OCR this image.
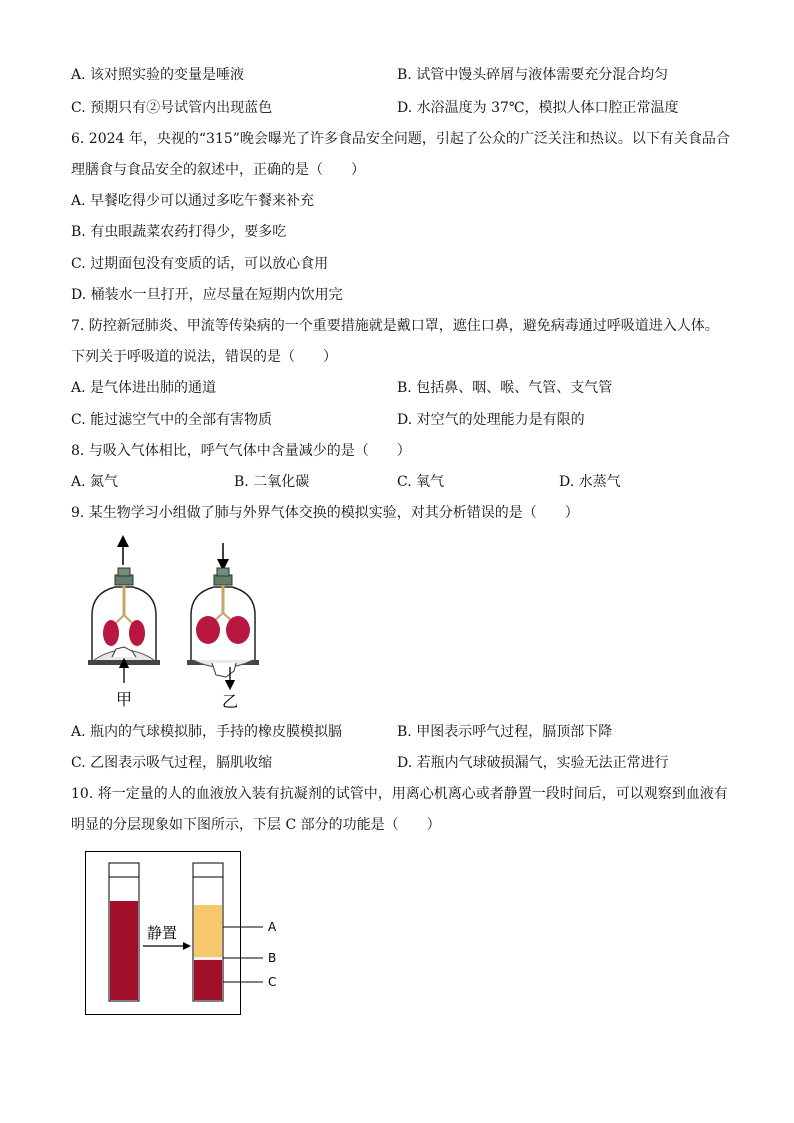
A. 该对照实验的变量是唾液	B. 试管中馒头碎屑与液体需要充分混合均匀
C. 预期只有②号试管内出现蓝色	D. 水浴温度为 37℃，模拟人体口腔正常温度
6. 2024 年，央视的“315”晚会曝光了许多食品安全问题，引起了公众的广泛关注和热议。以下有关食品合
理膳食与食品安全的叙述中，正确的是（　　）
A. 早餐吃得少可以通过多吃午餐来补充
B. 有虫眼蔬菜农药打得少，要多吃
C. 过期面包没有变质的话，可以放心食用
D. 桶装水一旦打开，应尽量在短期内饮用完
7. 防控新冠肺炎、甲流等传染病的一个重要措施就是戴口罩，遮住口鼻，避免病毒通过呼吸道进入人体。
下列关于呼吸道的说法，错误的是（　　）
A. 是气体进出肺的通道	B. 包括鼻、咽、喉、气管、支气管
C. 能过滤空气中的全部有害物质	D. 对空气的处理能力是有限的
8. 与吸入气体相比，呼气气体中含量减少的是（　　）
A. 氮气	B. 二氧化碳	C. 氧气	D. 水蒸气
9. 某生物学习小组做了肺与外界气体交换的模拟实验，对其分析错误的是（　　）
甲	乙
A. 瓶内的气球模拟肺，手持的橡皮膜模拟膈	B. 甲图表示呼气过程，膈顶部下降
C. 乙图表示吸气过程，膈肌收缩	D. 若瓶内气球破损漏气，实验无法正常进行
10. 将一定量的人的血液放入装有抗凝剂的试管中，用离心机离心或者静置一段时间后，可以观察到血液有
明显的分层现象如下图所示，下层 C 部分的功能是（　　）
静置	A
B
C
